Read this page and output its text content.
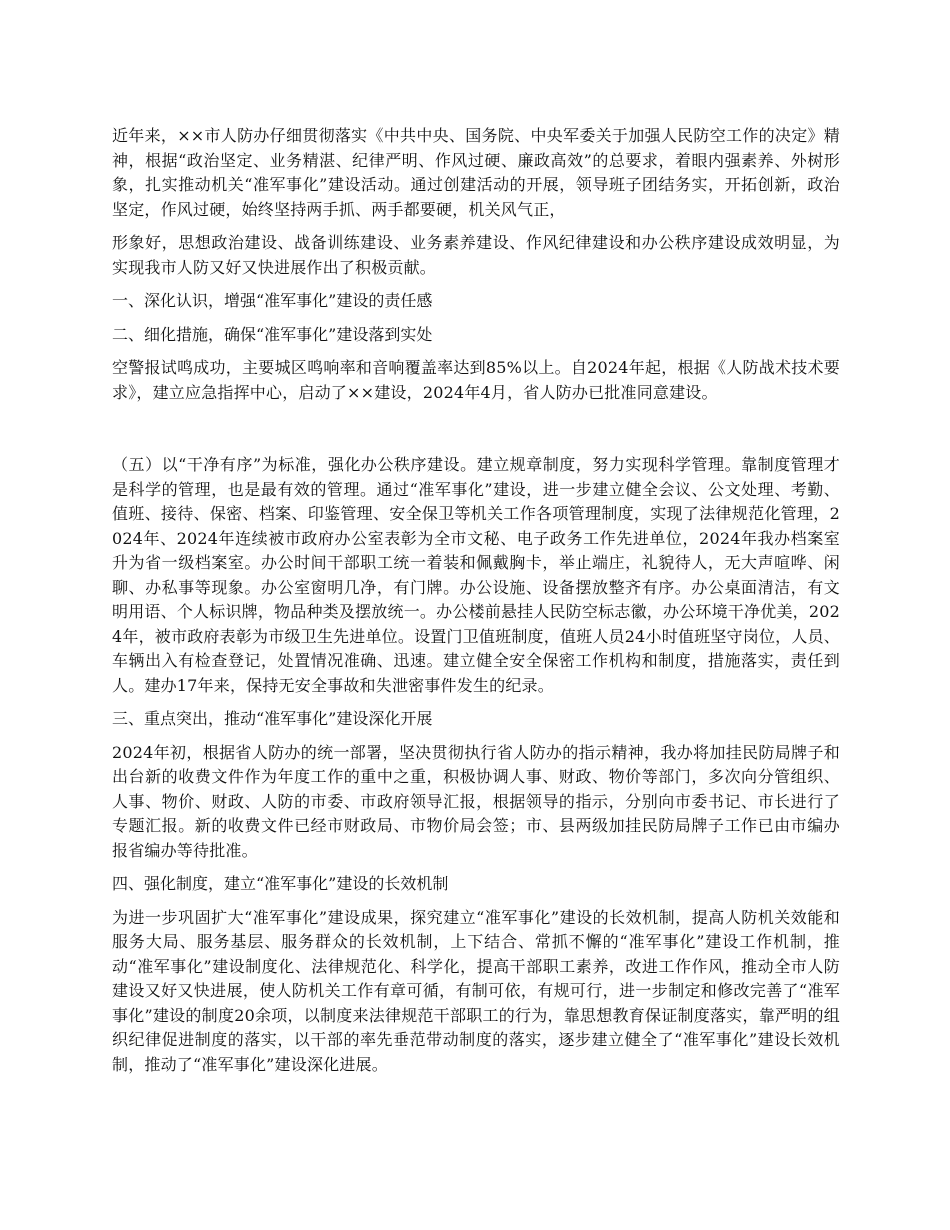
近年来，××市人防办仔细贯彻落实《中共中央、国务院、中央军委关于加强人民防空工作的决定》精神，根据“政治坚定、业务精湛、纪律严明、作风过硬、廉政高效”的总要求，着眼内强素养、外树形象，扎实推动机关“准军事化”建设活动。通过创建活动的开展，领导班子团结务实，开拓创新，政治坚定，作风过硬，始终坚持两手抓、两手都要硬，机关风气正，

形象好，思想政治建设、战备训练建设、业务素养建设、作风纪律建设和办公秩序建设成效明显，为实现我市人防又好又快进展作出了积极贡献。

一、深化认识，增强“准军事化”建设的责任感

二、细化措施，确保“准军事化”建设落到实处

空警报试鸣成功，主要城区鸣响率和音响覆盖率达到85%以上。自2024年起，根据《人防战术技术要求》，建立应急指挥中心，启动了××建设，2024年4月，省人防办已批准同意建设。

（五）以“干净有序”为标准，强化办公秩序建设。建立规章制度，努力实现科学管理。靠制度管理才是科学的管理，也是最有效的管理。通过“准军事化”建设，进一步建立健全会议、公文处理、考勤、值班、接待、保密、档案、印鉴管理、安全保卫等机关工作各项管理制度，实现了法律规范化管理，2024年、2024年连续被市政府办公室表彰为全市文秘、电子政务工作先进单位，2024年我办档案室升为省一级档案室。办公时间干部职工统一着装和佩戴胸卡，举止端庄，礼貌待人，无大声喧哗、闲聊、办私事等现象。办公室窗明几净，有门牌。办公设施、设备摆放整齐有序。办公桌面清洁，有文明用语、个人标识牌，物品种类及摆放统一。办公楼前悬挂人民防空标志徽，办公环境干净优美，2024年，被市政府表彰为市级卫生先进单位。设置门卫值班制度，值班人员24小时值班坚守岗位，人员、车辆出入有检查登记，处置情况准确、迅速。建立健全安全保密工作机构和制度，措施落实，责任到人。建办17年来，保持无安全事故和失泄密事件发生的纪录。

三、重点突出，推动“准军事化”建设深化开展

2024年初，根据省人防办的统一部署，坚决贯彻执行省人防办的指示精神，我办将加挂民防局牌子和出台新的收费文件作为年度工作的重中之重，积极协调人事、财政、物价等部门，多次向分管组织、人事、物价、财政、人防的市委、市政府领导汇报，根据领导的指示，分别向市委书记、市长进行了专题汇报。新的收费文件已经市财政局、市物价局会签；市、县两级加挂民防局牌子工作已由市编办报省编办等待批准。

四、强化制度，建立“准军事化”建设的长效机制

为进一步巩固扩大“准军事化”建设成果，探究建立“准军事化”建设的长效机制，提高人防机关效能和服务大局、服务基层、服务群众的长效机制，上下结合、常抓不懈的“准军事化”建设工作机制，推动“准军事化”建设制度化、法律规范化、科学化，提高干部职工素养，改进工作作风，推动全市人防建设又好又快进展，使人防机关工作有章可循，有制可依，有规可行，进一步制定和修改完善了“准军事化”建设的制度20余项，以制度来法律规范干部职工的行为，靠思想教育保证制度落实，靠严明的组织纪律促进制度的落实，以干部的率先垂范带动制度的落实，逐步建立健全了“准军事化”建设长效机制，推动了“准军事化”建设深化进展。
